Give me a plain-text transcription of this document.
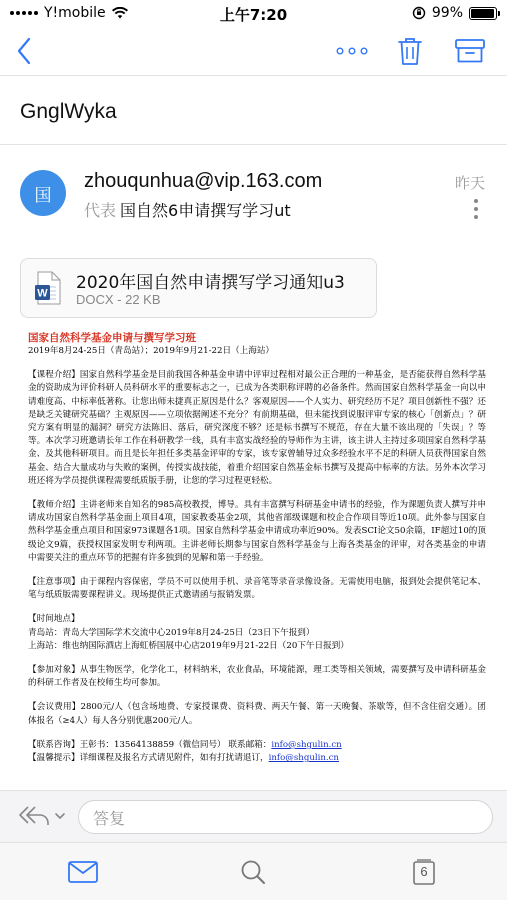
Y!mobile	上午7:20	99%
GnglWyka
国
zhouqunhua@vip.163.com	昨天
代表 国自然6申请撰写学习ut
W
2020年国自然申请撰写学习通知u3
DOCX - 22 KB
国家自然科学基金申请与撰写学习班
2019年8月24-25日（青岛站）；2019年9月21-22日（上海站）

【课程介绍】国家自然科学基金是目前我国各种基金申请中评审过程相对最公正合理的一种基金，是否能获得自然科学基金的资助成为评价科研人员科研水平的重要标志之一，已成为各类职称评聘的必备条件。然而国家自然科学基金一向以申请难度高、中标率低著称。让您出师未捷真正原因是什么？客观原因——个人实力、研究经历不足？项目创新性不强？还是缺乏关键研究基础？主观原因——立项依据阐述不充分？有前期基础，但未能找到说服评审专家的核心「创新点」？研究方案有明显的漏洞？研究方法陈旧、落后，研究深度不够？还是标书撰写不规范，存在大量不该出现的「失误」？等等。本次学习班邀请长年工作在科研教学一线，具有丰富实战经验的导师作为主讲，该主讲人主持过多项国家自然科学基金、及其他科研项目。而且是长年担任多类基金评审的专家，该专家曾辅导过众多经验水平不足的科研人员获得国家自然基金、结合大量成功与失败的案例，传授实战技能，着重介绍国家自然基金标书撰写及提高中标率的方法。另外本次学习班还将为学员提供课程需要纸质版手册，让您的学习过程更轻松。

【教师介绍】主讲老师来自知名的985高校教授，博导。具有丰富撰写科研基金申请书的经验，作为课题负责人撰写并申请成功国家自然科学基金面上项目4项，国家教委基金2项，其他省部级课题和校企合作项目等近10项。此外参与国家自然科学基金重点项目和国家973课题各1项。国家自然科学基金申请成功率近90%。发表SCI论文50余篇，IF超过10的顶级论文9篇，获授权国家发明专利两项。主讲老师长期参与国家自然科学基金与上海各类基金的评审，对各类基金的申请中需要关注的重点环节的把握有许多独到的见解和第一手经验。

【注意事项】由于课程内容保密，学员不可以使用手机、录音笔等录音录像设备。无需使用电脑，报到处会提供笔记本、笔与纸质版需要课程讲义。现场提供正式邀请函与报销发票。

【时间地点】
青岛站：青岛大学国际学术交流中心2019年8月24-25日（23日下午报到）

上海站：维也纳国际酒店上海虹桥国展中心店2019年9月21-22日（20下午日报到）

【参加对象】从事生物医学，化学化工，材料纳米，农业食品，环境能源，理工类等相关领域，需要撰写及申请科研基金的科研工作者及在校师生均可参加。

【会议费用】2800元/人（包含场地费、专家授课费、资料费、两天午餐、第一天晚餐、茶歇等，但不含住宿交通）。团体报名（≥4人）每人各分别优惠200元/人。

【联系咨询】王彰书：13564138859（微信同号） 联系邮箱：info@shgulin.cn
【温馨提示】详细课程及报名方式请见附件，如有打扰请退订，info@shgulin.cn
答复
6
